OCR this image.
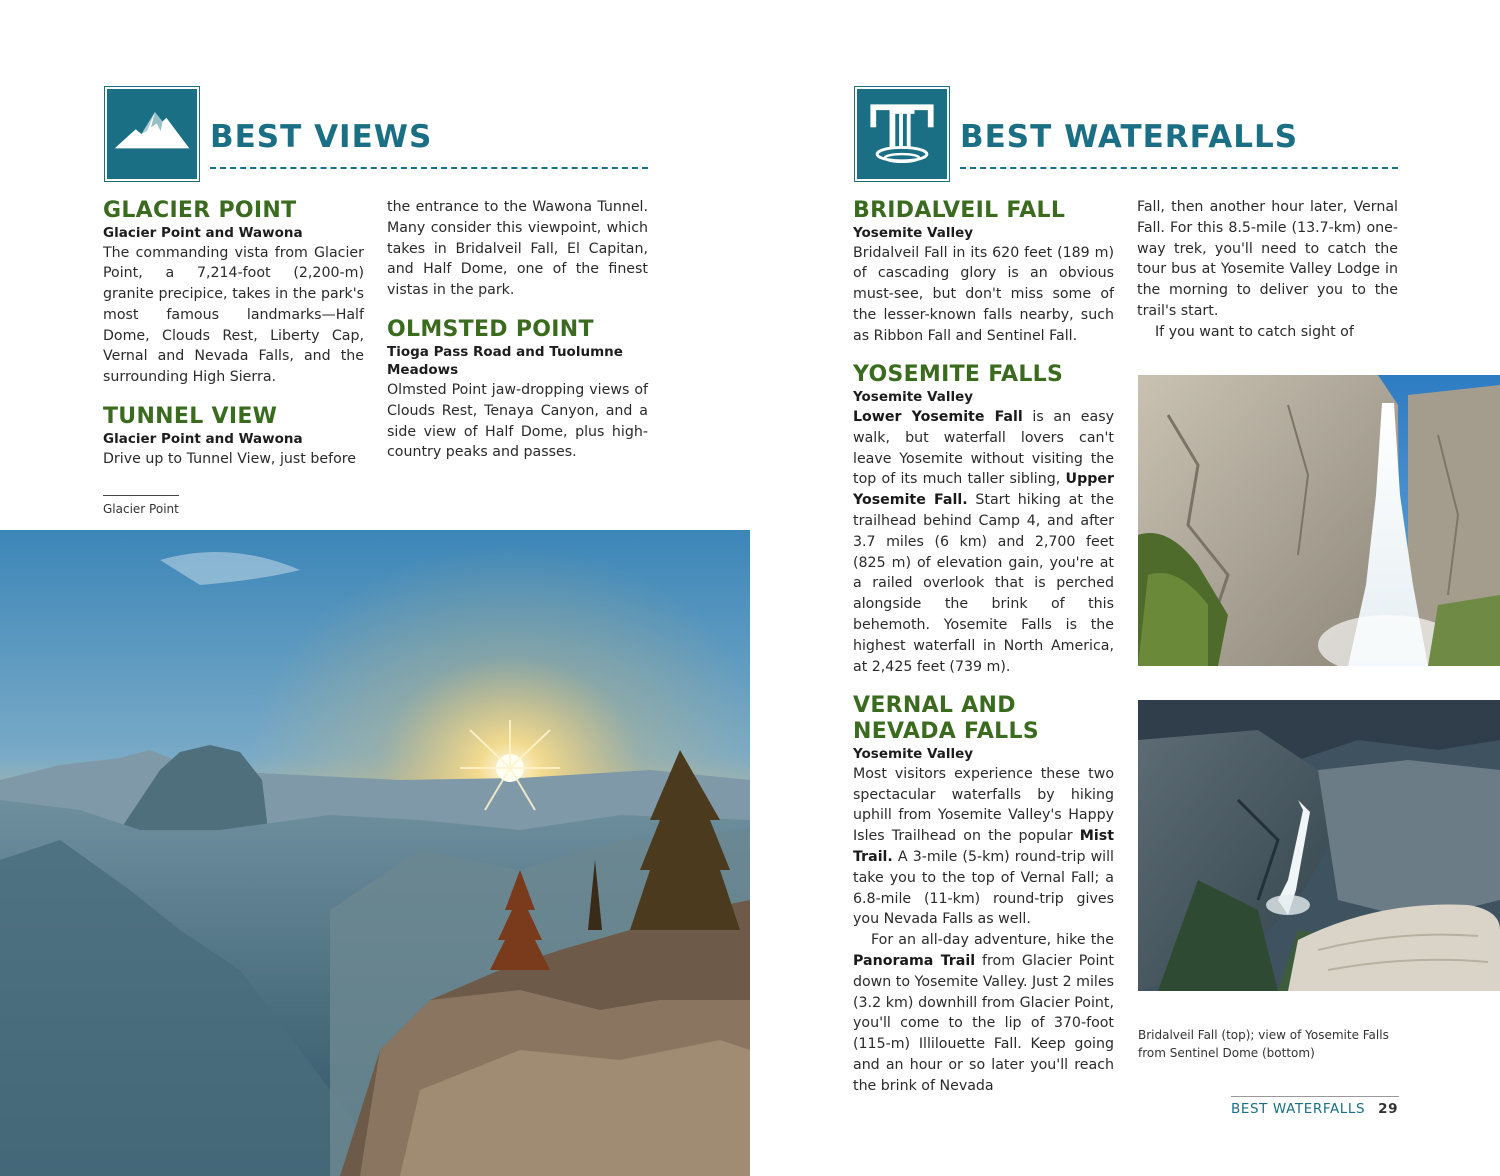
BEST VIEWS
GLACIER POINT
Glacier Point and Wawona
The commanding vista from Glacier Point, a 7,214-foot (2,200-m) granite precipice, takes in the park's most famous landmarks—Half Dome, Clouds Rest, Liberty Cap, Vernal and Nevada Falls, and the surrounding High Sierra.
TUNNEL VIEW
Glacier Point and Wawona
Drive up to Tunnel View, just before
the entrance to the Wawona Tunnel. Many consider this viewpoint, which takes in Bridalveil Fall, El Capitan, and Half Dome, one of the finest vistas in the park.
OLMSTED POINT
Tioga Pass Road and Tuolumne Meadows
Olmsted Point jaw-dropping views of Clouds Rest, Tenaya Canyon, and a side view of Half Dome, plus high-country peaks and passes.
Glacier Point
BEST WATERFALLS
BRIDALVEIL FALL
Yosemite Valley
Bridalveil Fall in its 620 feet (189 m) of cascading glory is an obvious must-see, but don't miss some of the lesser-known falls nearby, such as Ribbon Fall and Sentinel Fall.
YOSEMITE FALLS
Yosemite Valley
Lower Yosemite Fall is an easy walk, but waterfall lovers can't leave Yosemite without visiting the top of its much taller sibling, Upper Yosemite Fall. Start hiking at the trailhead behind Camp 4, and after 3.7 miles (6 km) and 2,700 feet (825 m) of elevation gain, you're at a railed overlook that is perched alongside the brink of this behemoth. Yosemite Falls is the highest waterfall in North America, at 2,425 feet (739 m).
VERNAL AND
NEVADA FALLS
Yosemite Valley
Most visitors experience these two spectacular waterfalls by hiking uphill from Yosemite Valley's Happy Isles Trailhead on the popular Mist Trail. A 3-mile (5-km) round-trip will take you to the top of Vernal Fall; a 6.8-mile (11-km) round-trip gives you Nevada Falls as well.
For an all-day adventure, hike the Panorama Trail from Glacier Point down to Yosemite Valley. Just 2 miles (3.2 km) downhill from Glacier Point, you'll come to the lip of 370-foot (115-m) Illilouette Fall. Keep going and an hour or so later you'll reach the brink of Nevada
Fall, then another hour later, Vernal Fall. For this 8.5-mile (13.7-km) one-way trek, you'll need to catch the tour bus at Yosemite Valley Lodge in the morning to deliver you to the trail's start.
If you want to catch sight of
Bridalveil Fall (top); view of Yosemite Falls from Sentinel Dome (bottom)
BEST WATERFALLS 29
